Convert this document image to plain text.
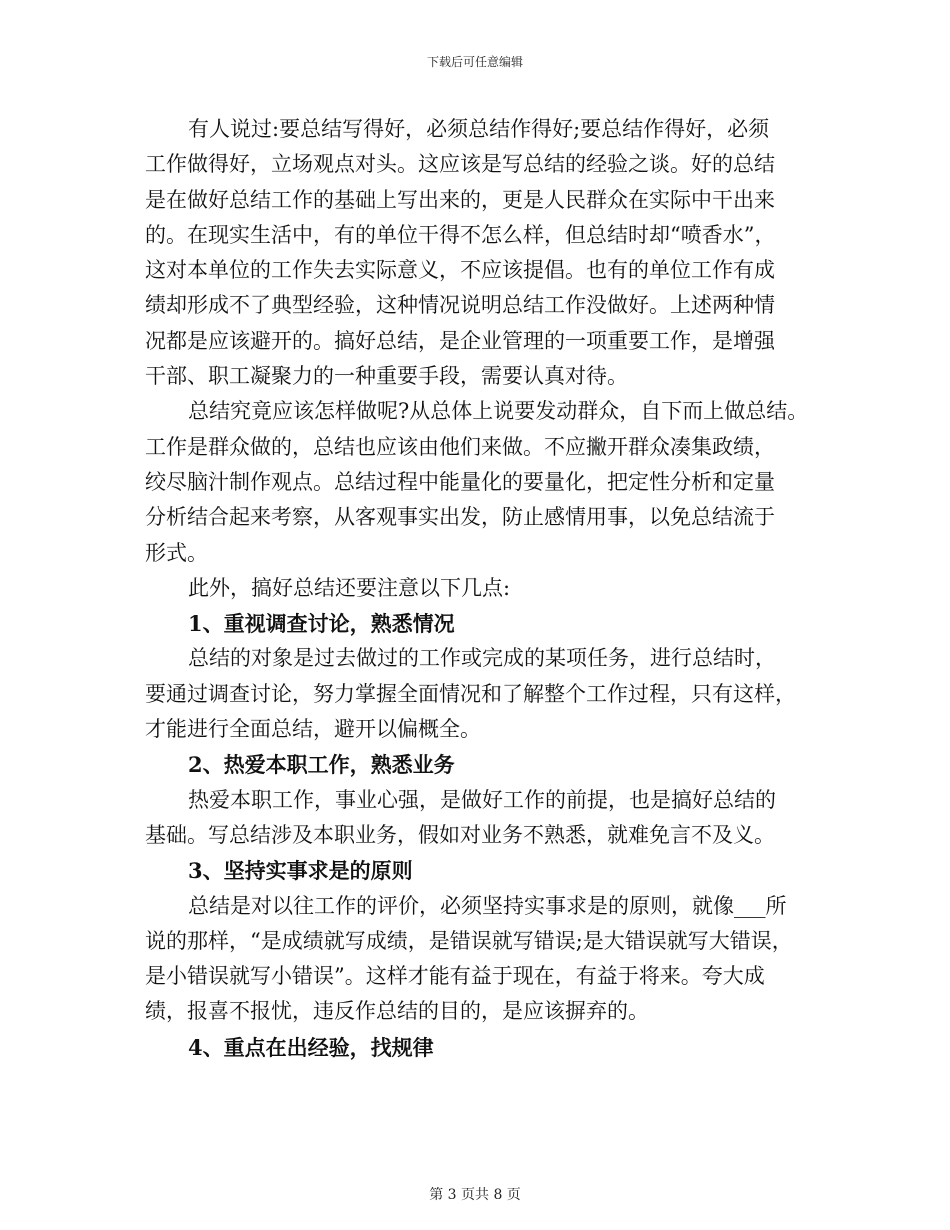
下载后可任意编辑
有人说过:要总结写得好，必须总结作得好;要总结作得好，必须
工作做得好，立场观点对头。这应该是写总结的经验之谈。好的总结
是在做好总结工作的基础上写出来的，更是人民群众在实际中干出来
的。在现实生活中，有的单位干得不怎么样，但总结时却“喷香水”，
这对本单位的工作失去实际意义，不应该提倡。也有的单位工作有成
绩却形成不了典型经验，这种情况说明总结工作没做好。上述两种情
况都是应该避开的。搞好总结，是企业管理的一项重要工作，是增强
干部、职工凝聚力的一种重要手段，需要认真对待。
总结究竟应该怎样做呢?从总体上说要发动群众，自下而上做总结。
工作是群众做的，总结也应该由他们来做。不应撇开群众凑集政绩，
绞尽脑汁制作观点。总结过程中能量化的要量化，把定性分析和定量
分析结合起来考察，从客观事实出发，防止感情用事，以免总结流于
形式。
此外，搞好总结还要注意以下几点:
1、重视调查讨论，熟悉情况
总结的对象是过去做过的工作或完成的某项任务，进行总结时，
要通过调查讨论，努力掌握全面情况和了解整个工作过程，只有这样，
才能进行全面总结，避开以偏概全。
2、热爱本职工作，熟悉业务
热爱本职工作，事业心强，是做好工作的前提，也是搞好总结的
基础。写总结涉及本职业务，假如对业务不熟悉，就难免言不及义。
3、坚持实事求是的原则
总结是对以往工作的评价，必须坚持实事求是的原则，就像___所
说的那样，“是成绩就写成绩，是错误就写错误;是大错误就写大错误，
是小错误就写小错误”。这样才能有益于现在，有益于将来。夸大成
绩，报喜不报忧，违反作总结的目的，是应该摒弃的。
4、重点在出经验，找规律
第 3 页共 8 页
